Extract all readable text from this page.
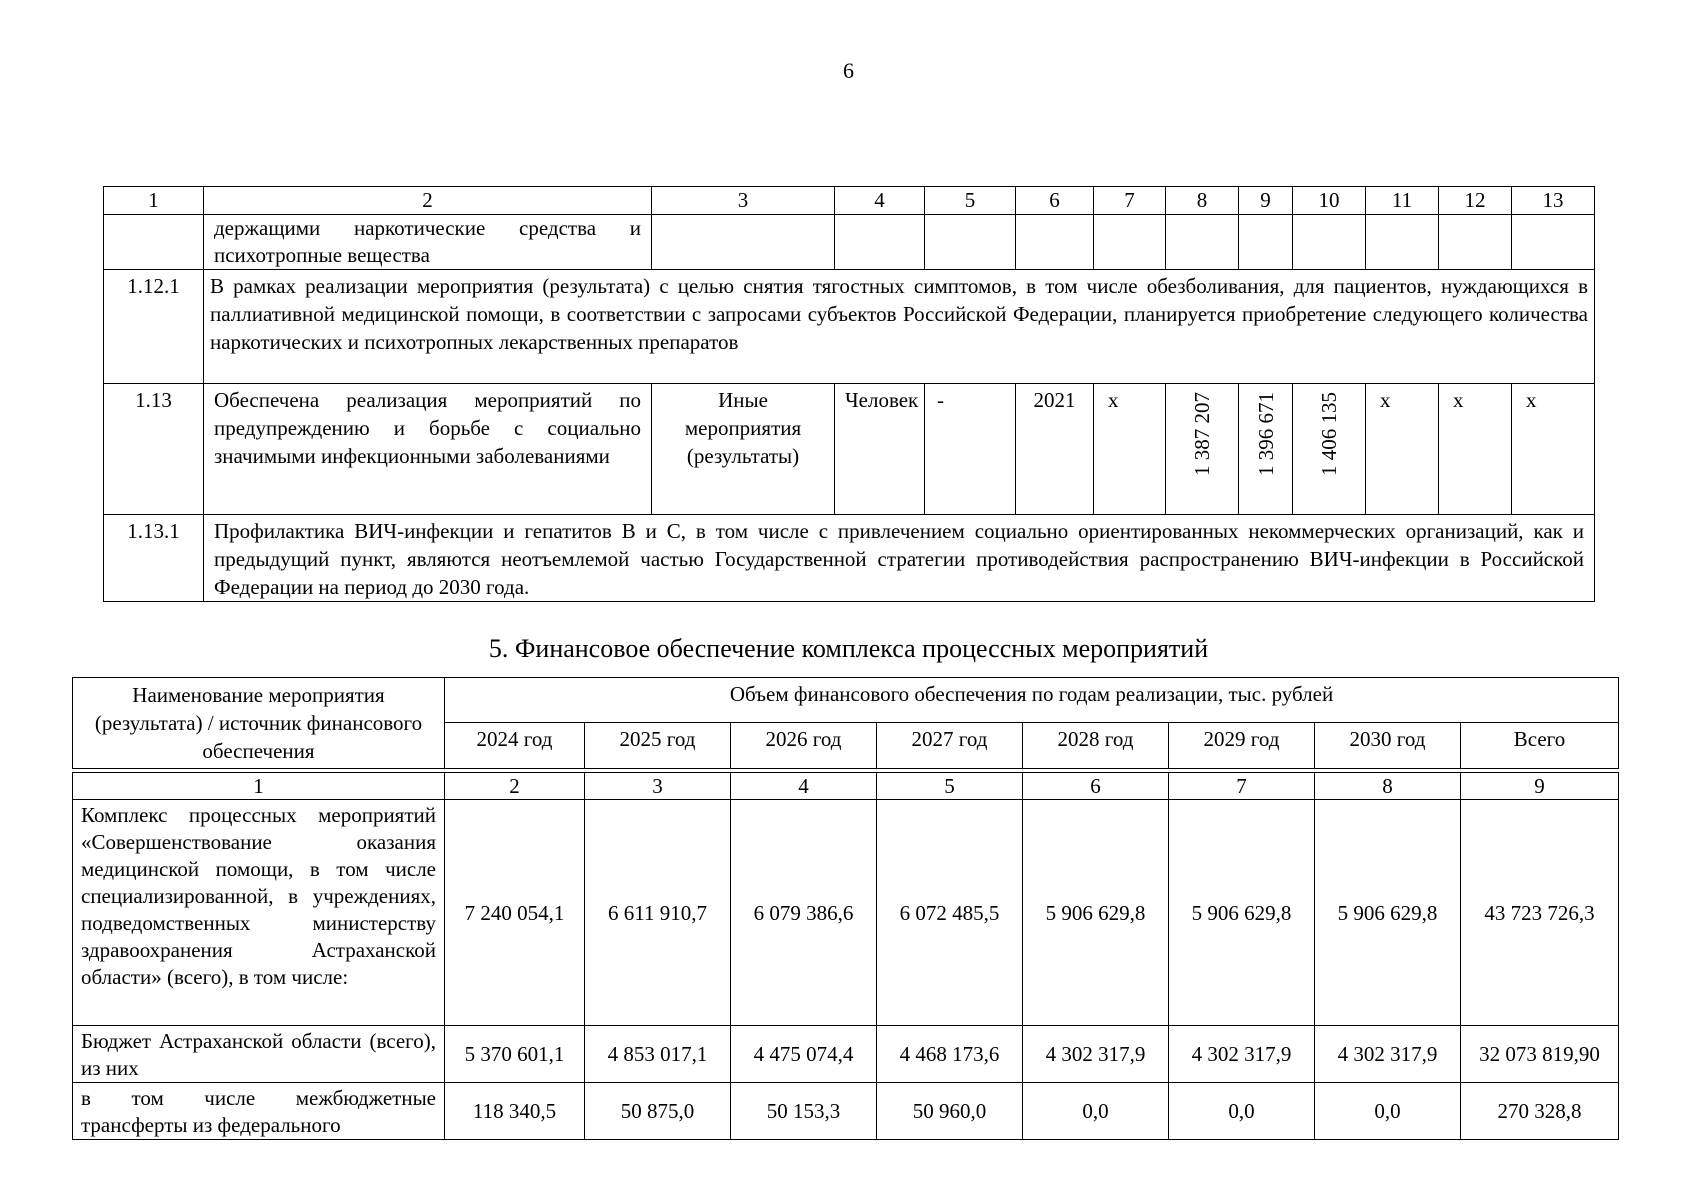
6
1	2	3	4	5	6	7	8	9	10	11	12	13
	держащими наркотические средства и психотропные вещества											
1.12.1	В рамках реализации мероприятия (результата) с целью снятия тягостных симптомов, в том числе обезболивания, для пациентов, нуждающихся в паллиативной медицинской помощи, в соответствии с запросами субъектов Российской Федерации, планируется приобретение следующего количества наркотических и психотропных лекарственных препаратов											
1.13	Обеспечена реализация мероприятий по предупреждению и борьбе с социально значимыми инфекционными заболеваниями	Иные мероприятия (результаты)	Человек	-	2021	х	1 387 207	1 396 671	1 406 135	х	х	х
1.13.1	Профилактика ВИЧ-инфекции и гепатитов В и С, в том числе с привлечением социально ориентированных некоммерческих организаций, как и предыдущий пункт, являются неотъемлемой частью Государственной стратегии противодействия распространению ВИЧ-инфекции в Российской Федерации на период до 2030 года.											
5. Финансовое обеспечение комплекса процессных мероприятий
Наименование мероприятия (результата) / источник финансового обеспечения	Объем финансового обеспечения по годам реализации, тыс. рублей							
	2024 год	2025 год	2026 год	2027 год	2028 год	2029 год	2030 год	Всего

1	2	3	4	5	6	7	8	9
Комплекс процессных мероприятий «Совершенствование оказания медицинской помощи, в том числе специализированной, в учреждениях, подведомственных министерству здравоохранения Астраханской области» (всего), в том числе:	7 240 054,1	6 611 910,7	6 079 386,6	6 072 485,5	5 906 629,8	5 906 629,8	5 906 629,8	43 723 726,3
Бюджет Астраханской области (всего), из них	5 370 601,1	4 853 017,1	4 475 074,4	4 468 173,6	4 302 317,9	4 302 317,9	4 302 317,9	32 073 819,90
в том числе межбюджетные трансферты из федерального	118 340,5	50 875,0	50 153,3	50 960,0	0,0	0,0	0,0	270 328,8
